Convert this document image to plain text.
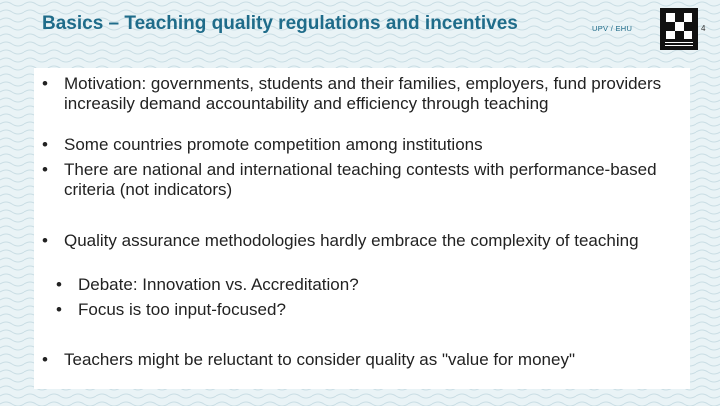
Basics – Teaching quality regulations and incentives	UPV / EHU	4
• Motivation: governments, students and their families, employers, fund providers increasily demand accountability and efficiency through teaching
• Some countries promote competition among institutions
• There are national and international teaching contests with performance-based criteria (not indicators)
• Quality assurance methodologies hardly embrace the complexity of teaching
• Debate: Innovation vs. Accreditation?
• Focus is too input-focused?
• Teachers might be reluctant to consider quality as "value for money"
